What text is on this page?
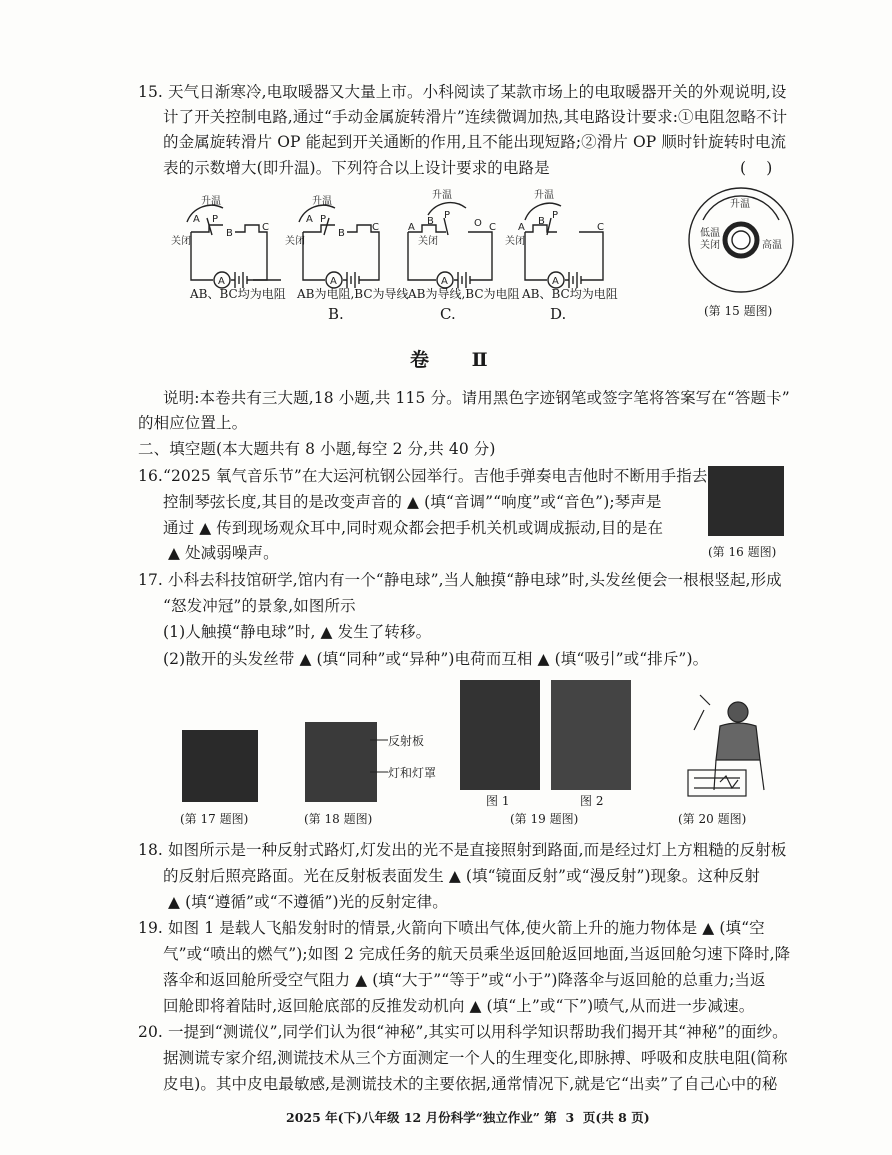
15. 天气日渐寒冷,电取暖器又大量上市。小科阅读了某款市场上的电取暖器开关的外观说明,设
计了开关控制电路,通过“手动金属旋转滑片”连续微调加热,其电路设计要求:①电阻忽略不计
的金属旋转滑片 OP 能起到开关通断的作用,且不能出现短路;②滑片 OP 顺时针旋转时电流
表的示数增大(即升温)。下列符合以上设计要求的电路是	(    )
升温
关闭
A P
B
C
A
升温
关闭
A P
B
C
A
升温
关闭
A
B
P
O C
A
升温
关闭
A
B
P
C
A
升温
低温
关闭	高温
AB、BC均为电阻 AB为电阻,BC为导线 AB为导线,BC为电阻 AB、BC均为电阻
B.	C.	D.	(第 15 题图)
卷 Ⅱ
说明:本卷共有三大题,18 小题,共 115 分。请用黑色字迹钢笔或签字笔将答案写在“答题卡”
的相应位置上。
二、填空题(本大题共有 8 小题,每空 2 分,共 40 分)
16.“2025 氧气音乐节”在大运河杭钢公园举行。吉他手弹奏电吉他时不断用手指去
控制琴弦长度,其目的是改变声音的 ▲ (填“音调”“响度”或“音色”);琴声是
通过 ▲ 传到现场观众耳中,同时观众都会把手机关机或调成振动,目的是在
▲ 处减弱噪声。	(第 16 题图)
17. 小科去科技馆研学,馆内有一个“静电球”,当人触摸“静电球”时,头发丝便会一根根竖起,形成
“怒发冲冠”的景象,如图所示
(1)人触摸“静电球”时, ▲ 发生了转移。
(2)散开的头发丝带 ▲ (填“同种”或“异种”)电荷而互相 ▲ (填“吸引”或“排斥”)。
(第 17 题图)
反射板
灯和灯罩
(第 18 题图)
图 1	图 2
(第 19 题图)	(第 20 题图)
18. 如图所示是一种反射式路灯,灯发出的光不是直接照射到路面,而是经过灯上方粗糙的反射板
的反射后照亮路面。光在反射板表面发生 ▲ (填“镜面反射”或“漫反射”)现象。这种反射
▲ (填“遵循”或“不遵循”)光的反射定律。
19. 如图 1 是载人飞船发射时的情景,火箭向下喷出气体,使火箭上升的施力物体是 ▲ (填“空
气”或“喷出的燃气”);如图 2 完成任务的航天员乘坐返回舱返回地面,当返回舱匀速下降时,降
落伞和返回舱所受空气阻力 ▲ (填“大于”“等于”或“小于”)降落伞与返回舱的总重力;当返
回舱即将着陆时,返回舱底部的反推发动机向 ▲ (填“上”或“下”)喷气,从而进一步减速。
20. 一提到“测谎仪”,同学们认为很“神秘”,其实可以用科学知识帮助我们揭开其“神秘”的面纱。
据测谎专家介绍,测谎技术从三个方面测定一个人的生理变化,即脉搏、呼吸和皮肤电阻(简称
皮电)。其中皮电最敏感,是测谎技术的主要依据,通常情况下,就是它“出卖”了自己心中的秘
2025 年(下)八年级 12 月份科学“独立作业” 第  3  页(共 8 页)
